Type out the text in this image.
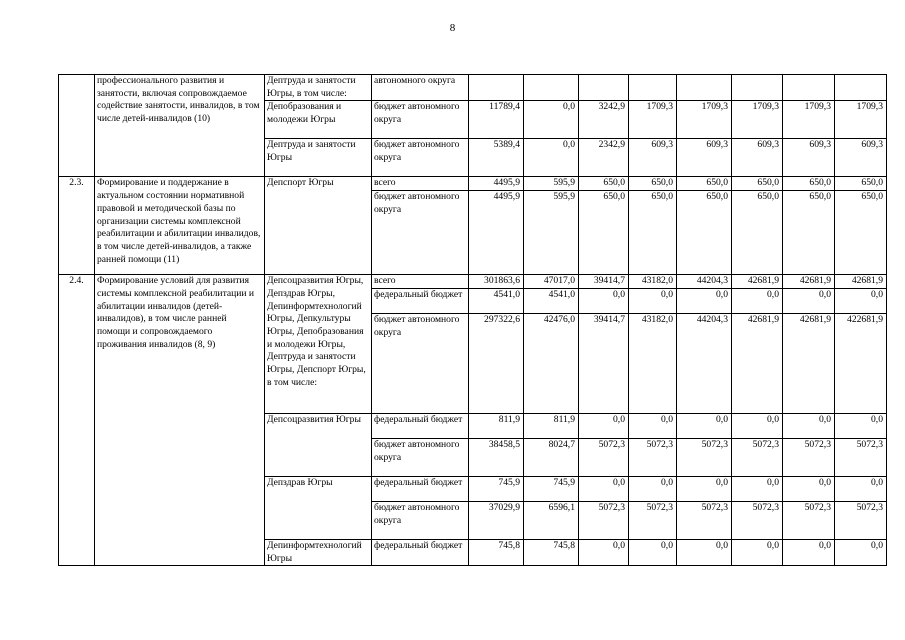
8
	профессионального развития и занятости, включая сопровождаемое содействие занятости, инвалидов, в том числе детей-инвалидов (10)	Дептруда и занятости Югры, в том числе:	автономного округа								
		Депобразования и молодежи Югры	бюджет автономного округа	11789,4	0,0	3242,9	1709,3	1709,3	1709,3	1709,3	1709,3
		Дептруда и занятости Югры	бюджет автономного округа	5389,4	0,0	2342,9	609,3	609,3	609,3	609,3	609,3
2.3.	Формирование и поддержание в актуальном состоянии нормативной правовой и методической базы по организации системы комплексной реабилитации и абилитации инвалидов, в том числе детей-инвалидов, а также ранней помощи (11)	Депспорт Югры	всего	4495,9	595,9	650,0	650,0	650,0	650,0	650,0	650,0
			бюджет автономного округа	4495,9	595,9	650,0	650,0	650,0	650,0	650,0	650,0
2.4.	Формирование условий для развития системы комплексной реабилитации и абилитации инвалидов (детей-инвалидов), в том числе ранней помощи и сопровождаемого проживания инвалидов (8, 9)	Депсоцразвития Югры, Депздрав Югры, Депинформтехнологий Югры, Депкультуры Югры, Депобразования и молодежи Югры, Дептруда и занятости Югры, Депспорт Югры, в том числе:	всего	301863,6	47017,0	39414,7	43182,0	44204,3	42681,9	42681,9	42681,9
			федеральный бюджет	4541,0	4541,0	0,0	0,0	0,0	0,0	0,0	0,0
			бюджет автономного округа	297322,6	42476,0	39414,7	43182,0	44204,3	42681,9	42681,9	422681,9
		Депсоцразвития Югры	федеральный бюджет	811,9	811,9	0,0	0,0	0,0	0,0	0,0	0,0
			бюджет автономного округа	38458,5	8024,7	5072,3	5072,3	5072,3	5072,3	5072,3	5072,3
		Депздрав Югры	федеральный бюджет	745,9	745,9	0,0	0,0	0,0	0,0	0,0	0,0
			бюджет автономного округа	37029,9	6596,1	5072,3	5072,3	5072,3	5072,3	5072,3	5072,3
		Депинформтехнологий Югры	федеральный бюджет	745,8	745,8	0,0	0,0	0,0	0,0	0,0	0,0
